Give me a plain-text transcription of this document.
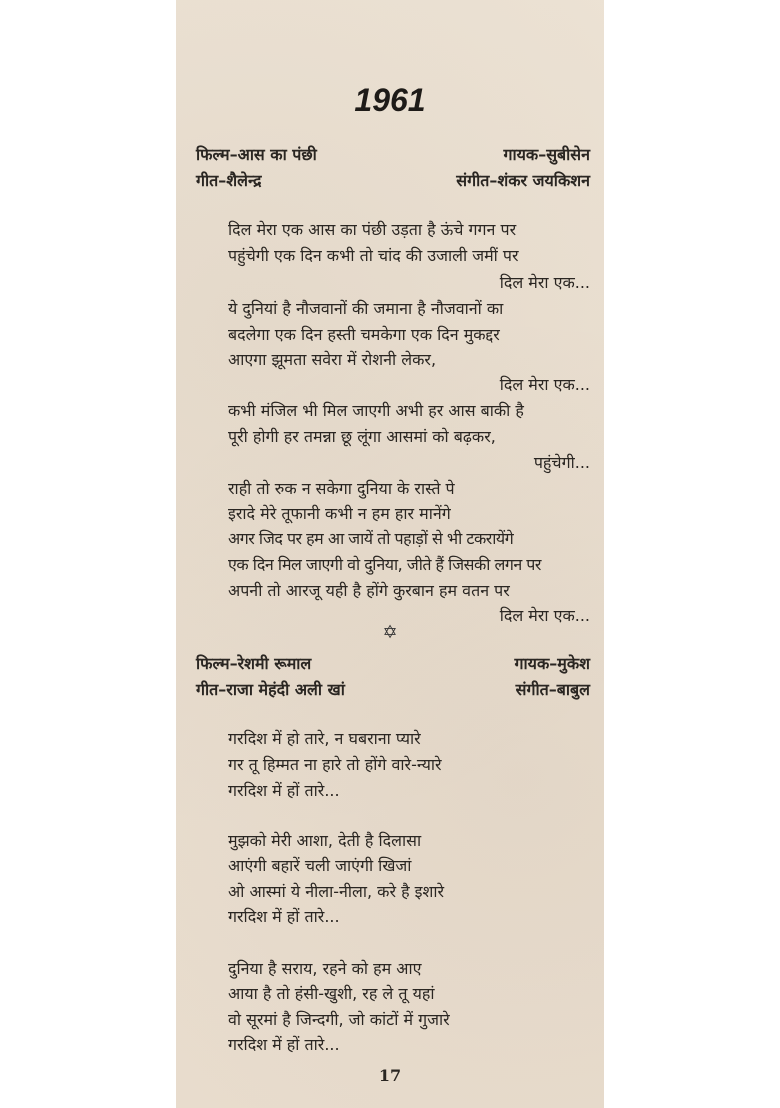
1961
फिल्म–आस का पंछी	गायक–सुबीसेन
गीत–शैलेन्द्र	संगीत–शंकर जयकिशन
दिल मेरा एक आस का पंछी उड़ता है ऊंचे गगन पर
पहुंचेगी एक दिन कभी तो चांद की उजाली जमीं पर
दिल मेरा एक...
ये दुनियां है नौजवानों की जमाना है नौजवानों का
बदलेगा एक दिन हस्ती चमकेगा एक दिन मुकद्दर
आएगा झूमता सवेरा में रोशनी लेकर,
दिल मेरा एक...
कभी मंजिल भी मिल जाएगी अभी हर आस बाकी है
पूरी होगी हर तमन्ना छू लूंगा आसमां को बढ़कर,
पहुंचेगी...
राही तो रुक न सकेगा दुनिया के रास्ते पे
इरादे मेरे तूफानी कभी न हम हार मानेंगे
अगर जिद पर हम आ जायें तो पहाड़ों से भी टकरायेंगे
एक दिन मिल जाएगी वो दुनिया, जीते हैं जिसकी लगन पर
अपनी तो आरजू यही है होंगे कुरबान हम वतन पर
दिल मेरा एक...
✡
फिल्म–रेशमी रूमाल	गायक–मुकेश
गीत–राजा मेहंदी अली खां	संगीत–बाबुल
गरदिश में हो तारे, न घबराना प्यारे
गर तू हिम्मत ना हारे तो होंगे वारे-न्यारे
गरदिश में हों तारे...
मुझको मेरी आशा, देती है दिलासा
आएंगी बहारें चली जाएंगी खिजां
ओ आस्मां ये नीला-नीला, करे है इशारे
गरदिश में हों तारे...
दुनिया है सराय, रहने को हम आए
आया है तो हंसी-खुशी, रह ले तू यहां
वो सूरमां है जिन्दगी, जो कांटों में गुजारे
गरदिश में हों तारे...
17
